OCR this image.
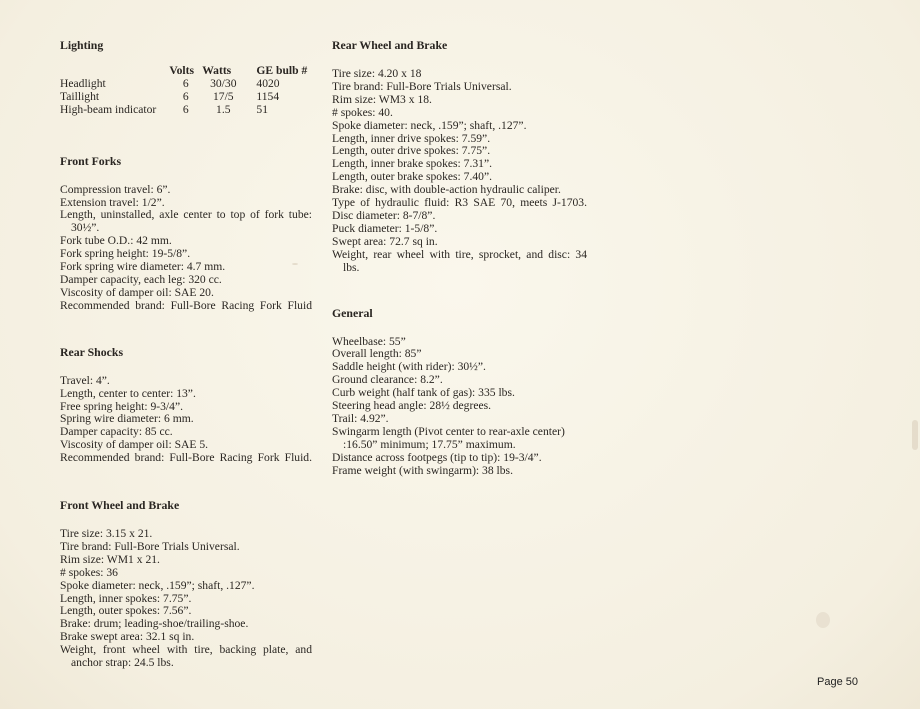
Lighting
	Volts	Watts	GE bulb #
Headlight	6	30/30	4020
Taillight	6	17/5	1154
High-beam indicator	6	1.5	51
Front Forks
Compression travel: 6”.
Extension travel: 1/2”.
Length, uninstalled, axle center to top of fork tube:
30½”.
Fork tube O.D.: 42 mm.
Fork spring height: 19-5/8”.
Fork spring wire diameter: 4.7 mm.
Damper capacity, each leg: 320 cc.
Viscosity of damper oil: SAE 20.
Recommended brand: Full-Bore Racing Fork Fluid
Rear Shocks
Travel: 4”.
Length, center to center: 13”.
Free spring height: 9-3/4”.
Spring wire diameter: 6 mm.
Damper capacity: 85 cc.
Viscosity of damper oil: SAE 5.
Recommended brand: Full-Bore Racing Fork Fluid.
Front Wheel and Brake
Tire size: 3.15 x 21.
Tire brand: Full-Bore Trials Universal.
Rim size: WM1 x 21.
# spokes: 36
Spoke diameter: neck, .159”; shaft, .127”.
Length, inner spokes: 7.75”.
Length, outer spokes: 7.56”.
Brake: drum; leading-shoe/trailing-shoe.
Brake swept area: 32.1 sq in.
Weight, front wheel with tire, backing plate, and
anchor strap: 24.5 lbs.
Rear Wheel and Brake
Tire size: 4.20 x 18
Tire brand: Full-Bore Trials Universal.
Rim size: WM3 x 18.
# spokes: 40.
Spoke diameter: neck, .159”; shaft, .127”.
Length, inner drive spokes: 7.59”.
Length, outer drive spokes: 7.75”.
Length, inner brake spokes: 7.31”.
Length, outer brake spokes: 7.40”.
Brake: disc, with double-action hydraulic caliper.
Type of hydraulic fluid: R3 SAE 70, meets J-1703.
Disc diameter: 8-7/8”.
Puck diameter: 1-5/8”.
Swept area: 72.7 sq in.
Weight, rear wheel with tire, sprocket, and disc: 34
lbs.
General
Wheelbase: 55”
Overall length: 85”
Saddle height (with rider): 30½”.
Ground clearance: 8.2”.
Curb weight (half tank of gas): 335 lbs.
Steering head angle: 28½ degrees.
Trail: 4.92”.
Swingarm length (Pivot center to rear-axle center)
:16.50” minimum; 17.75” maximum.
Distance across footpegs (tip to tip): 19-3/4”.
Frame weight (with swingarm): 38 lbs.
Page 50
